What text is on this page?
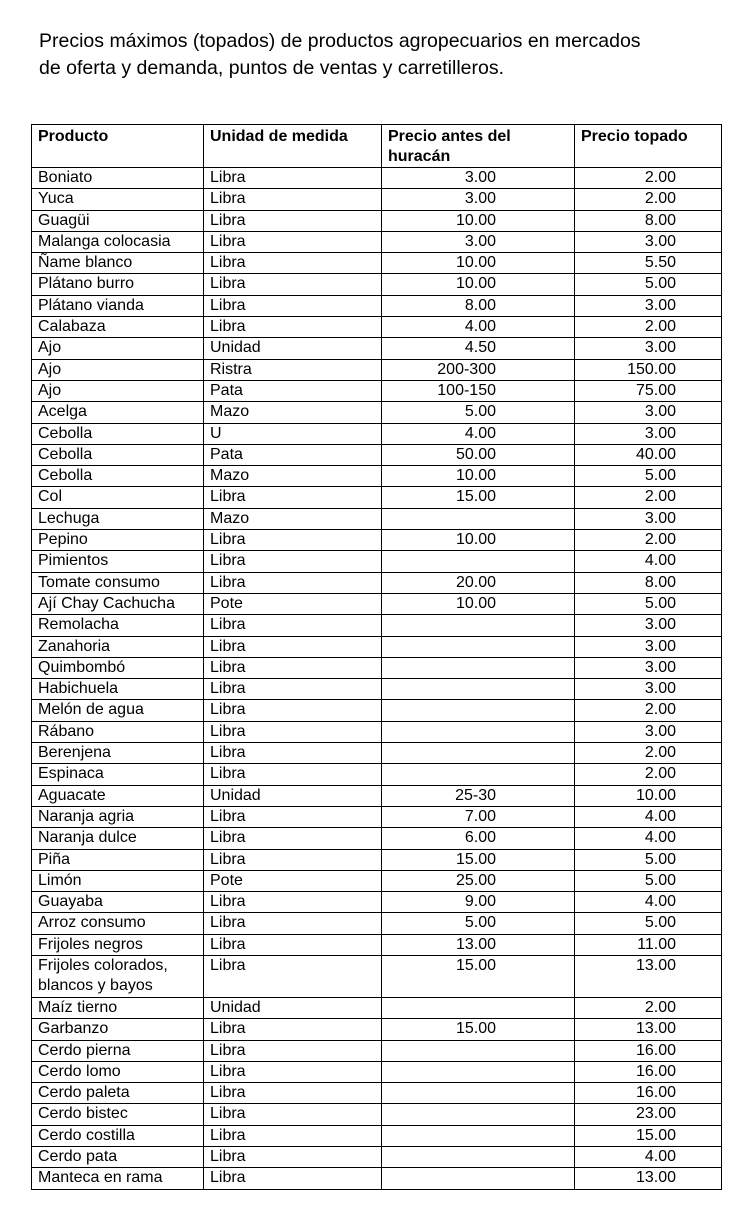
Precios máximos (topados) de productos agropecuarios en mercados
de oferta y demanda, puntos de ventas y carretilleros.

Producto	Unidad de medida	Precio antes del huracán	Precio topado
Boniato	Libra	3.00	2.00
Yuca	Libra	3.00	2.00
Guagüi	Libra	10.00	8.00
Malanga colocasia	Libra	3.00	3.00
Ñame blanco	Libra	10.00	5.50
Plátano burro	Libra	10.00	5.00
Plátano vianda	Libra	8.00	3.00
Calabaza	Libra	4.00	2.00
Ajo	Unidad	4.50	3.00
Ajo	Ristra	200-300	150.00
Ajo	Pata	100-150	75.00
Acelga	Mazo	5.00	3.00
Cebolla	U	4.00	3.00
Cebolla	Pata	50.00	40.00
Cebolla	Mazo	10.00	5.00
Col	Libra	15.00	2.00
Lechuga	Mazo		3.00
Pepino	Libra	10.00	2.00
Pimientos	Libra		4.00
Tomate consumo	Libra	20.00	8.00
Ají Chay Cachucha	Pote	10.00	5.00
Remolacha	Libra		3.00
Zanahoria	Libra		3.00
Quimbombó	Libra		3.00
Habichuela	Libra		3.00
Melón de agua	Libra		2.00
Rábano	Libra		3.00
Berenjena	Libra		2.00
Espinaca	Libra		2.00
Aguacate	Unidad	25-30	10.00
Naranja agria	Libra	7.00	4.00
Naranja dulce	Libra	6.00	4.00
Piña	Libra	15.00	5.00
Limón	Pote	25.00	5.00
Guayaba	Libra	9.00	4.00
Arroz consumo	Libra	5.00	5.00
Frijoles negros	Libra	13.00	11.00
Frijoles colorados,
blancos y bayos	Libra	15.00	13.00
Maíz tierno	Unidad		2.00
Garbanzo	Libra	15.00	13.00
Cerdo pierna	Libra		16.00
Cerdo lomo	Libra		16.00
Cerdo paleta	Libra		16.00
Cerdo bistec	Libra		23.00
Cerdo costilla	Libra		15.00
Cerdo pata	Libra		4.00
Manteca en rama	Libra		13.00
